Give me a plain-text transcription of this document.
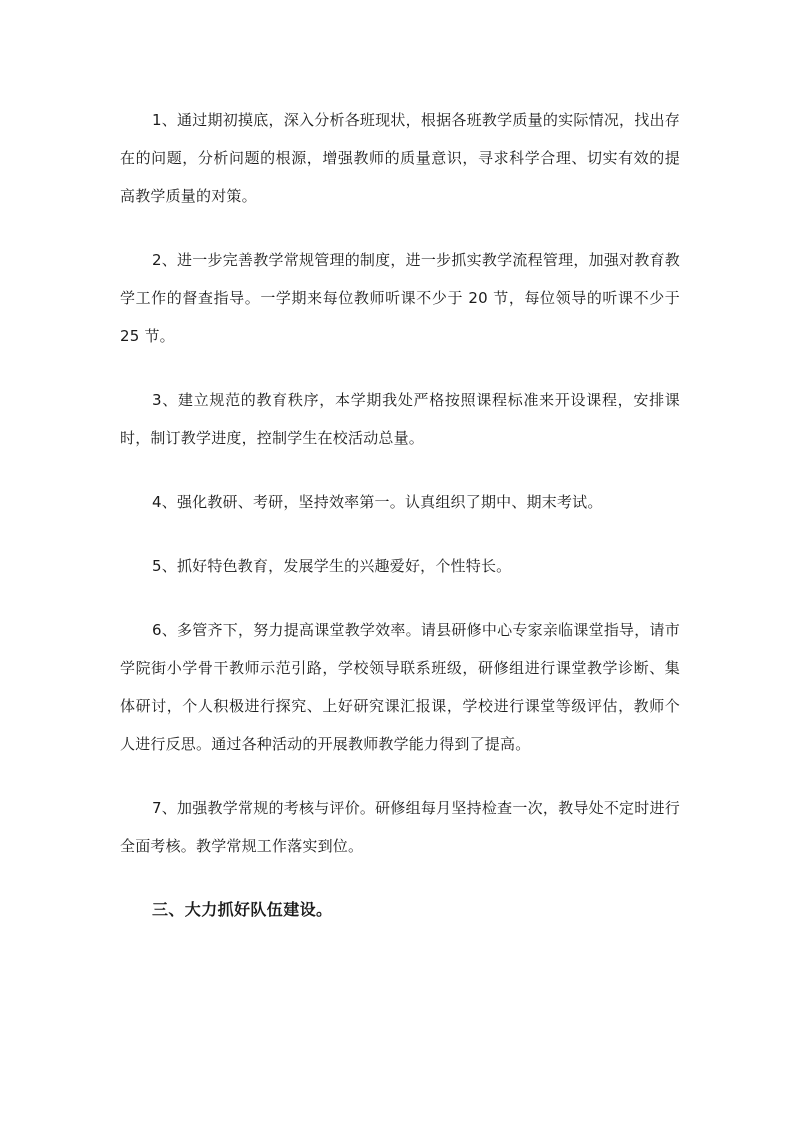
1、通过期初摸底，深入分析各班现状，根据各班教学质量的实际情况，找出存在的问题，分析问题的根源，增强教师的质量意识，寻求科学合理、切实有效的提高教学质量的对策。

2、进一步完善教学常规管理的制度，进一步抓实教学流程管理，加强对教育教学工作的督查指导。一学期来每位教师听课不少于 20 节，每位领导的听课不少于 25 节。

3、建立规范的教育秩序，本学期我处严格按照课程标准来开设课程，安排课时，制订教学进度，控制学生在校活动总量。

4、强化教研、考研，坚持效率第一。认真组织了期中、期末考试。

5、抓好特色教育，发展学生的兴趣爱好，个性特长。

6、多管齐下，努力提高课堂教学效率。请县研修中心专家亲临课堂指导，请市学院街小学骨干教师示范引路，学校领导联系班级，研修组进行课堂教学诊断、集体研讨，个人积极进行探究、上好研究课汇报课，学校进行课堂等级评估，教师个人进行反思。通过各种活动的开展教师教学能力得到了提高。

7、加强教学常规的考核与评价。研修组每月坚持检查一次，教导处不定时进行全面考核。教学常规工作落实到位。

三、大力抓好队伍建设。
